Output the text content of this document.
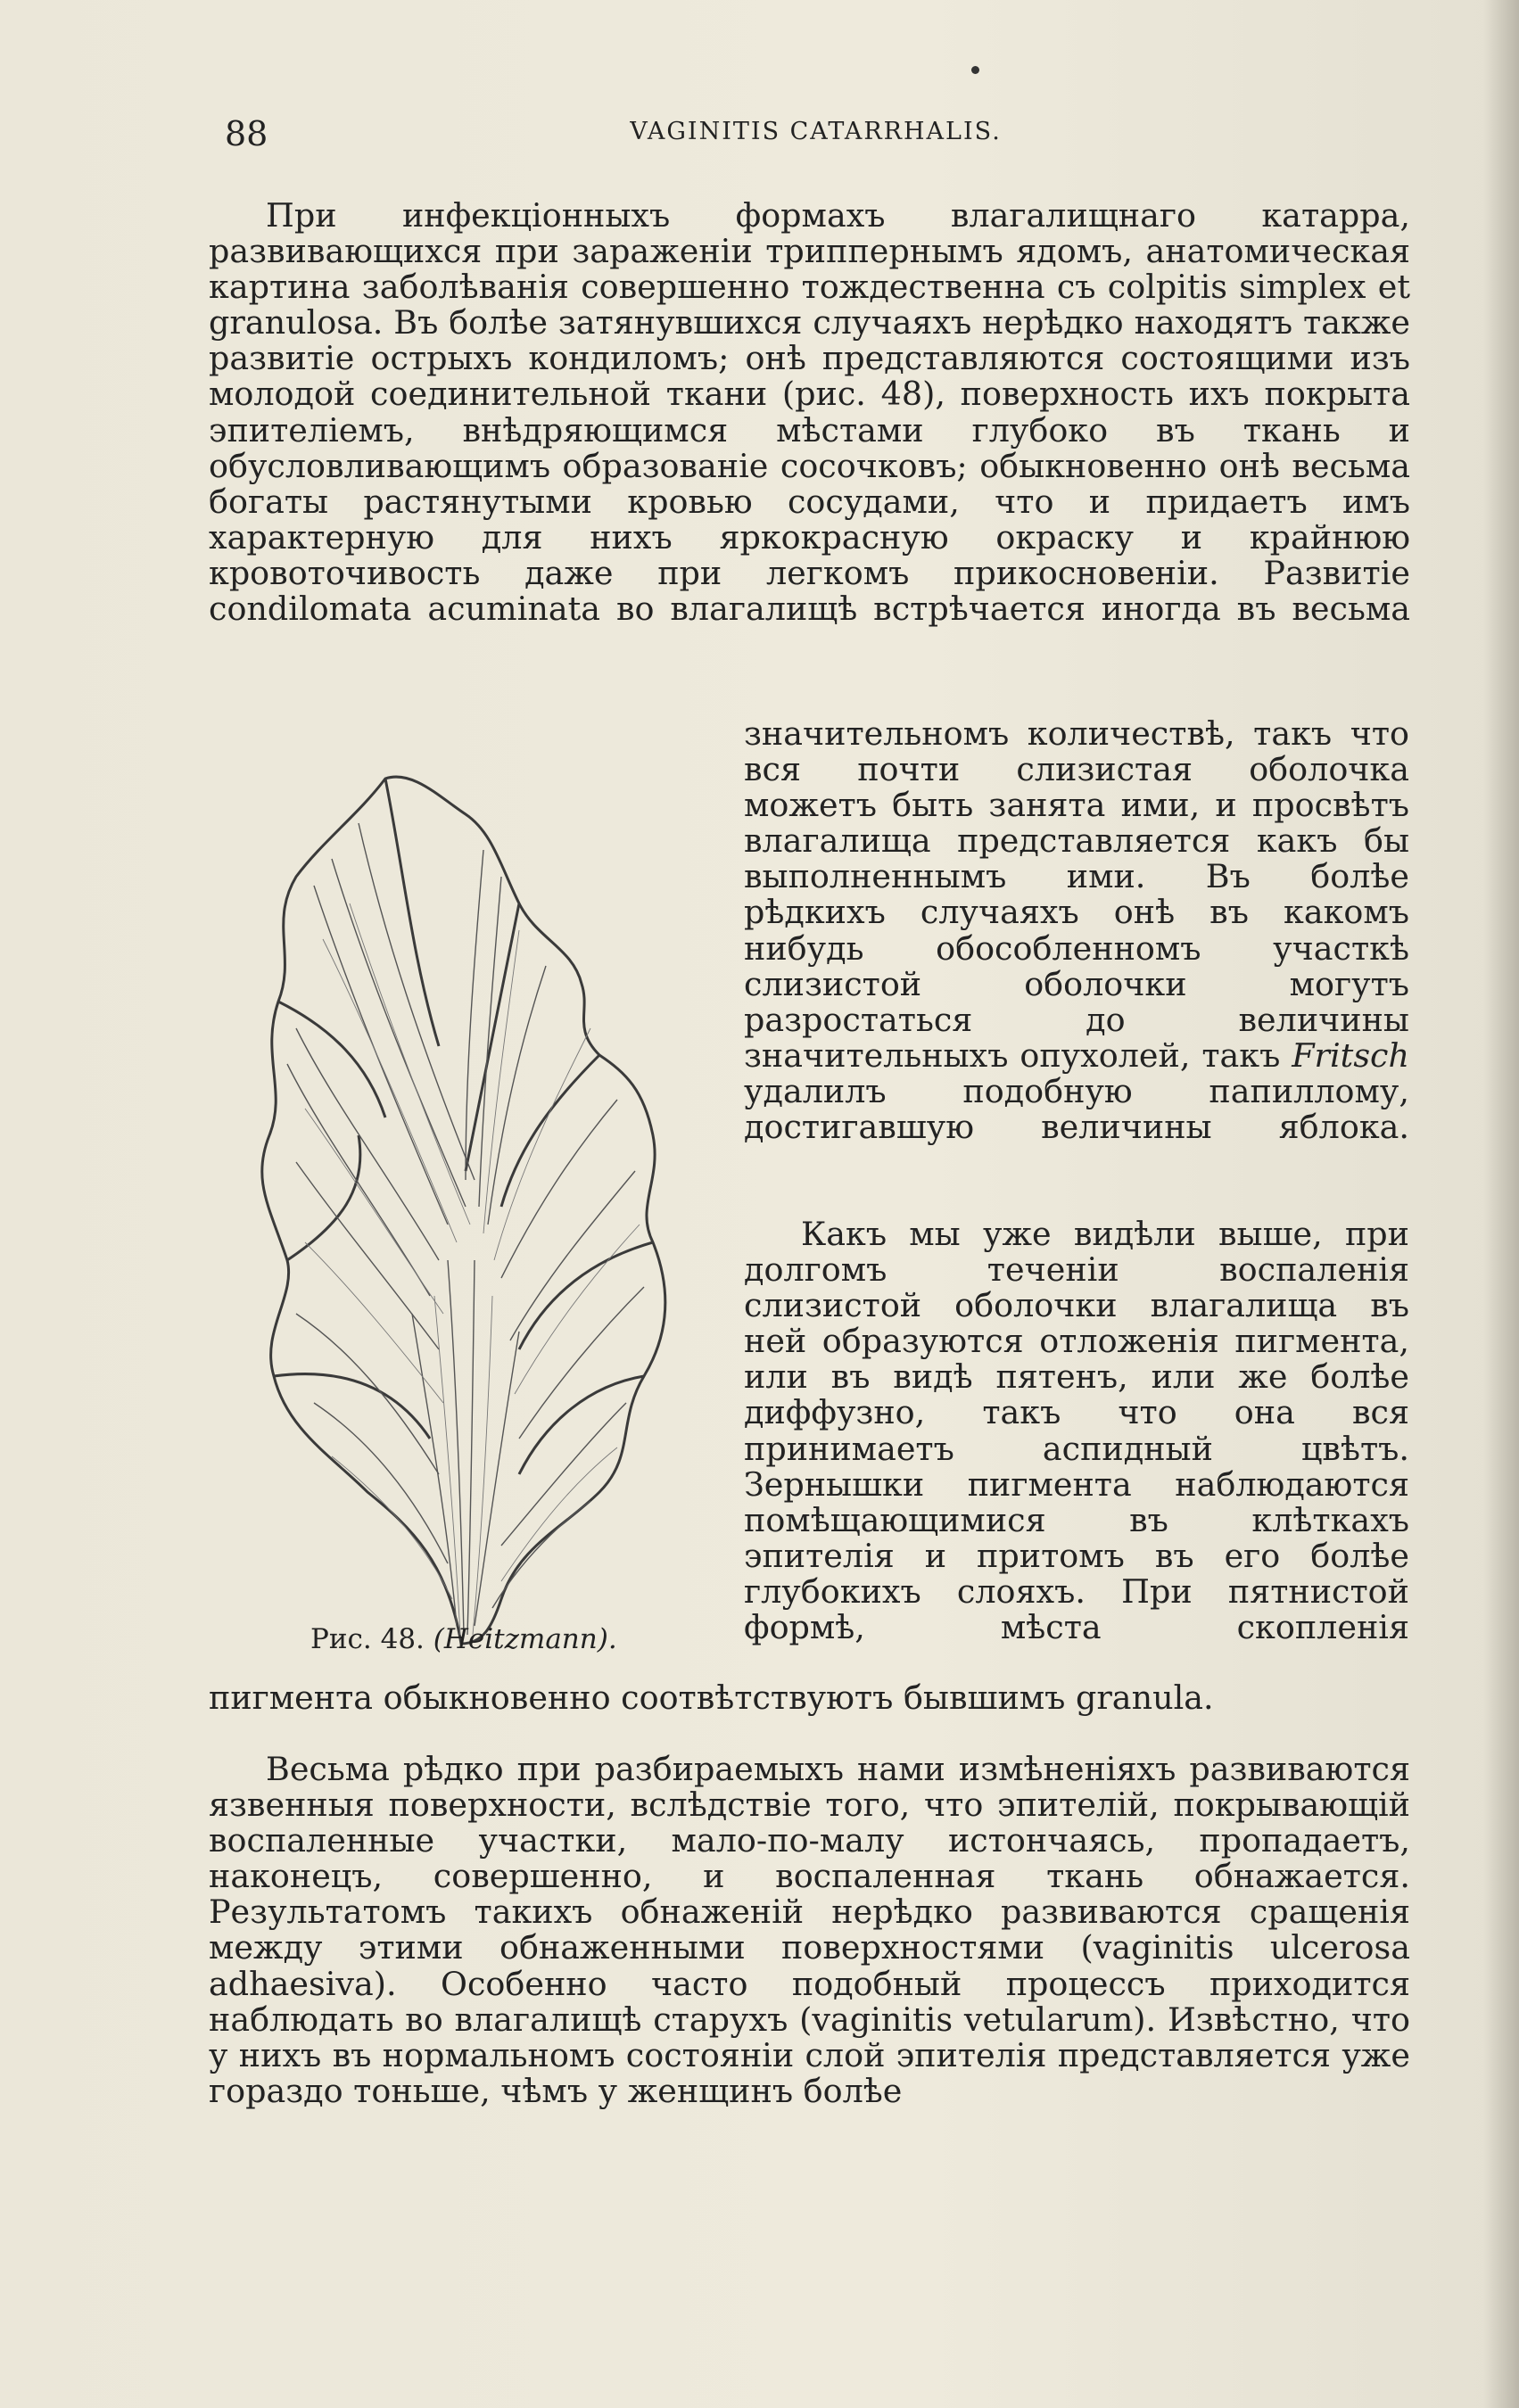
88	VAGINITIS CATARRHALIS.

При инфекціонныхъ формахъ влагалищнаго катарра, развивающихся при зараженіи триппернымъ ядомъ, анатомическая картина заболѣванія совершенно тождественна съ colpitis simplex et granulosa. Въ болѣе затянувшихся случаяхъ нерѣдко находятъ также развитіе острыхъ кондиломъ; онѣ представляются состоящими изъ молодой соединительной ткани (рис. 48), поверхность ихъ покрыта эпителіемъ, внѣдряющимся мѣстами глубоко въ ткань и обусловливающимъ образованіе сосочковъ; обыкновенно онѣ весьма богаты растянутыми кровью сосудами, что и придаетъ имъ характерную для нихъ яркокрасную окраску и крайнюю кровоточивость даже при легкомъ прикосновеніи. Развитіе condilomata acuminata во влагалищѣ встрѣчается иногда въ весьма

значительномъ количествѣ, такъ что вся почти слизистая оболочка можетъ быть занята ими, и просвѣтъ влагалища представляется какъ бы выполненнымъ ими. Въ болѣе рѣдкихъ случаяхъ онѣ въ какомъ нибудь обособленномъ участкѣ слизистой оболочки могутъ разростаться до величины значительныхъ опухолей, такъ Fritsch удалилъ подобную папиллому, достигавшую величины яблока.

Какъ мы уже видѣли выше, при долгомъ теченіи воспаленія слизистой оболочки влагалища въ ней образуются отложенія пигмента, или въ видѣ пятенъ, или же болѣе диффузно, такъ что она вся принимаетъ аспидный цвѣтъ. Зернышки пигмента наблюдаются помѣщающимися въ клѣткахъ эпителія и притомъ въ его болѣе глубокихъ слояхъ. При пятнистой формѣ, мѣста скопленія

пигмента обыкновенно соотвѣтствуютъ бывшимъ granula.

Весьма рѣдко при разбираемыхъ нами измѣненіяхъ развиваются язвенныя поверхности, вслѣдствіе того, что эпителій, покрывающій воспаленные участки, мало-по-малу истончаясь, пропадаетъ, наконецъ, совершенно, и воспаленная ткань обнажается. Результатомъ такихъ обнаженій нерѣдко развиваются сращенія между этими обнаженными поверхностями (vaginitis ulcerosa adhaesiva). Особенно часто подобный процессъ приходится наблюдать во влагалищѣ старухъ (vaginitis vetularum). Извѣстно, что у нихъ въ нормальномъ состояніи слой эпителія представляется уже гораздо тоньше, чѣмъ у женщинъ болѣе

Рис. 48. (Heitzmann).
